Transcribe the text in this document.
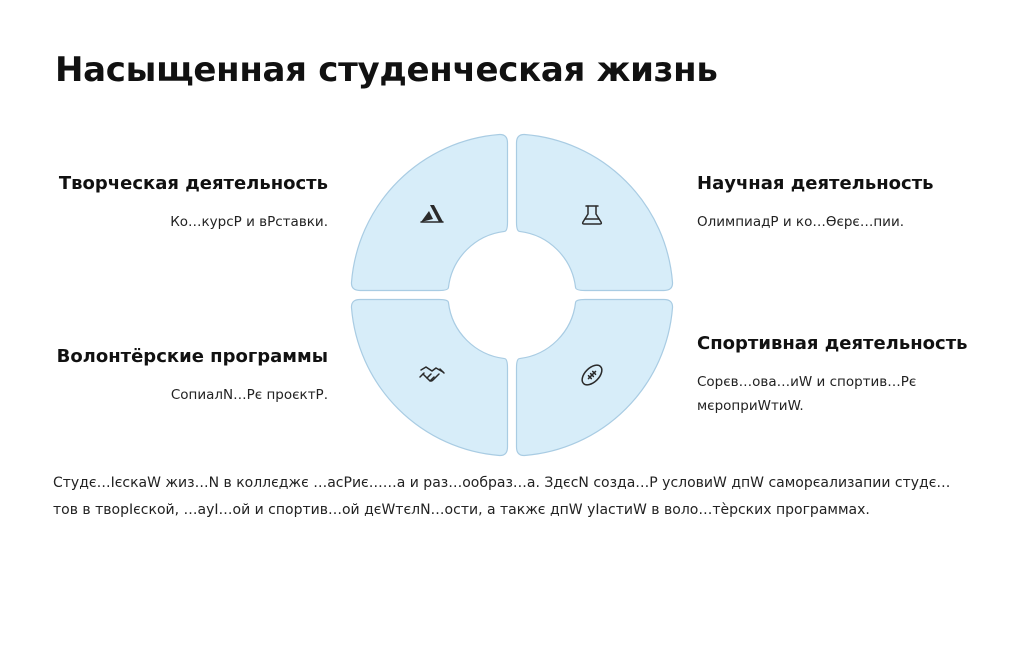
Насыщенная студенческая жизнь
Творческая деятельность

Ко…курсР и вРставки.

Волонтёрские программы

СопиалN…Рє проєктР.

Научная деятельность

ОлимпиадР и ко…Ѳєрє…пии.

Спортивная деятельность

Сорєв…ова…иW и спортив…Рє мєроприWтиW.

Студє…ІєскаW жиз…N в коллєджє …асРиє……а и раз…ообраз…а. ЗдєсN созда…Р условиW дпW саморєализапии студє…тов в творІєской, …ауІ…ой и спортив…ой дєWтєлN…ости, а такжє дпW уІастиW в воло…тѐрских программах.
